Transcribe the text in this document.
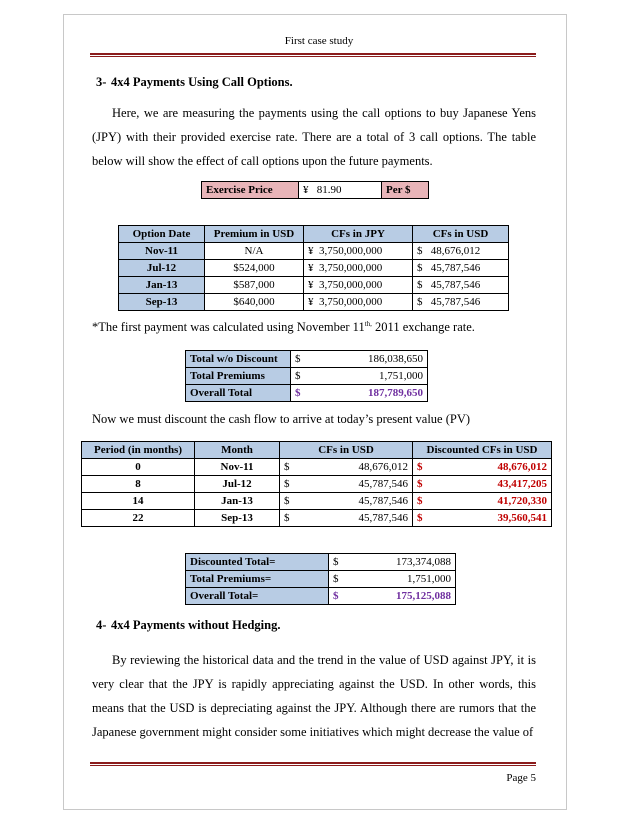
First case study
3- 4x4 Payments Using Call Options.
Here, we are measuring the payments using the call options to buy Japanese Yens (JPY) with their provided exercise rate. There are a total of 3 call options. The table below will show the effect of call options upon the future payments.
Exercise Price	¥ 81.90	Per $
Option Date	Premium in USD	CFs in JPY	CFs in USD
Nov-11	N/A	¥ 3,750,000,000	$ 48,676,012
Jul-12	$524,000	¥ 3,750,000,000	$ 45,787,546
Jan-13	$587,000	¥ 3,750,000,000	$ 45,787,546
Sep-13	$640,000	¥ 3,750,000,000	$ 45,787,546
*The first payment was calculated using November $11^{th,}$ 2011 exchange rate.
Total w/o Discount	$	186,038,650
Total Premiums	$	1,751,000
Overall Total	$	187,789,650
Now we must discount the cash flow to arrive at today’s present value (PV)
Period (in months)	Month	CFs in USD		Discounted CFs in USD	
0	Nov-11	$	48,676,012	$	48,676,012
8	Jul-12	$	45,787,546	$	43,417,205
14	Jan-13	$	45,787,546	$	41,720,330
22	Sep-13	$	45,787,546	$	39,560,541
Discounted Total=	$	173,374,088
Total Premiums=	$	1,751,000
Overall Total=	$	175,125,088
4- 4x4 Payments without Hedging.
By reviewing the historical data and the trend in the value of USD against JPY, it is very clear that the JPY is rapidly appreciating against the USD. In other words, this means that the USD is depreciating against the JPY. Although there are rumors that the Japanese government might consider some initiatives which might decrease the value of
Page 5
